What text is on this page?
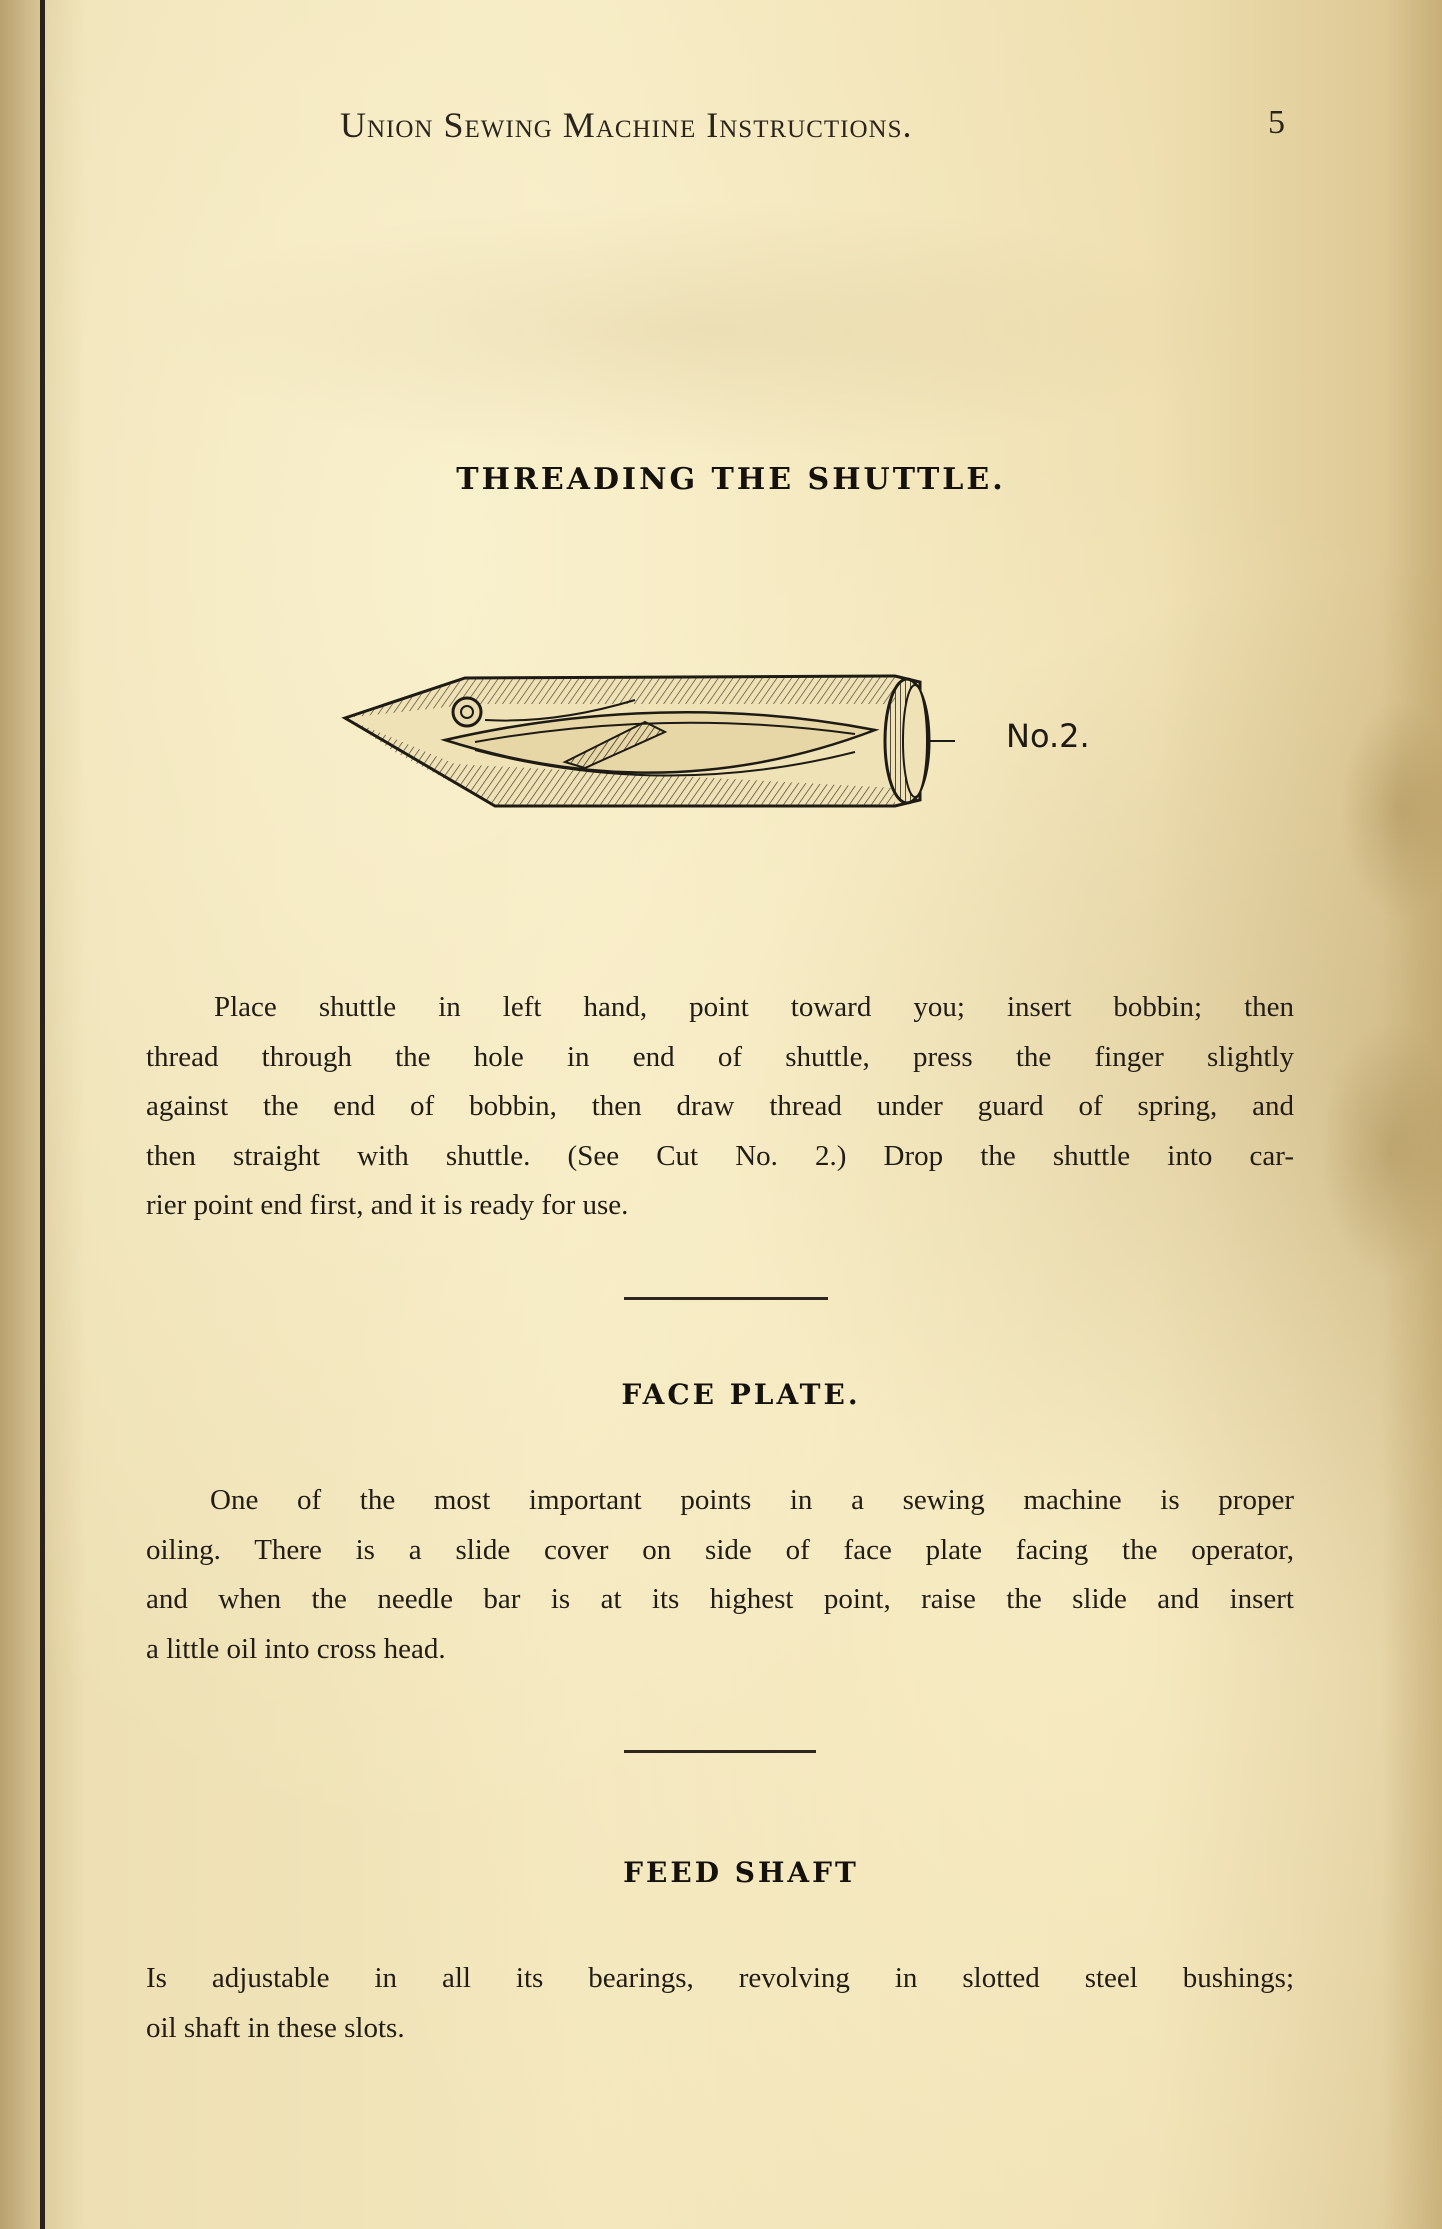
Union Sewing Machine Instructions.	5
THREADING THE SHUTTLE.
No.2.
Place shuttle in left hand, point toward you; insert bobbin; then
thread through the hole in end of shuttle, press the finger slightly
against the end of bobbin, then draw thread under guard of spring, and
then straight with shuttle. (See Cut No. 2.) Drop the shuttle into car-
rier point end first, and it is ready for use.
FACE PLATE.
One of the most important points in a sewing machine is proper
oiling. There is a slide cover on side of face plate facing the operator,
and when the needle bar is at its highest point, raise the slide and insert
a little oil into cross head.
FEED SHAFT
Is adjustable in all its bearings, revolving in slotted steel bushings;
oil shaft in these slots.
